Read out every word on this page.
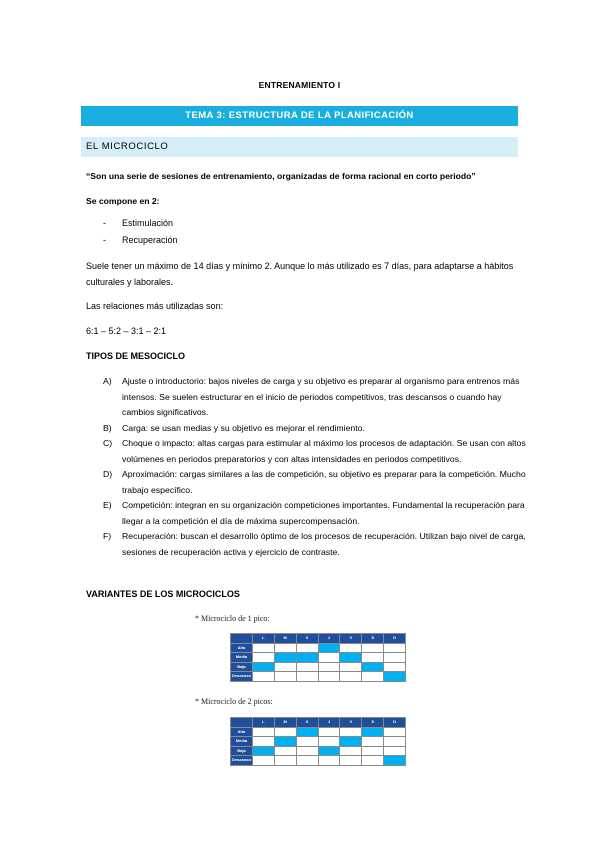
ENTRENAMIENTO I
TEMA 3: ESTRUCTURA DE LA PLANIFICACIÓN
EL MICROCICLO
“Son una serie de sesiones de entrenamiento, organizadas de forma racional en corto periodo”
Se compone en 2:
- Estimulación
- Recuperación
Suele tener un máximo de 14 días y mínimo 2. Aunque lo más utilizado es 7 días, para adaptarse a hábitos culturales y laborales.
Las relaciones más utilizadas son:
6:1 – 5:2 – 3:1 – 2:1
TIPOS DE MESOCICLO
A) Ajuste o introductorio: bajos niveles de carga y su objetivo es preparar al organismo para entrenos más intensos. Se suelen estructurar en el inicio de periodos competitivos, tras descansos o cuando hay cambios significativos.
B) Carga: se usan medias y su objetivo es mejorar el rendimiento.
C) Choque o impacto: altas cargas para estimular al máximo los procesos de adaptación. Se usan con altos volúmenes en periodos preparatorios y con altas intensidades en periodos competitivos.
D) Aproximación: cargas similares a las de competición, su objetivo es preparar para la competición. Mucho trabajo específico.
E) Competición: integran en su organización competiciones importantes. Fundamental la recuperación para llegar a la competición el día de máxima supercompensación.
F) Recuperación: buscan el desarrollo óptimo de los procesos de recuperación. Utilizan bajo nivel de carga, sesiones de recuperación activa y ejercicio de contraste.
VARIANTES DE LOS MICROCICLOS
* Microciclo de 1 pico:
	L	M	X	J	V	S	D
Alta							
Media							
Baja							
Descanso							
* Microciclo de 2 picos:
	L	M	X	J	V	S	D
Alta							
Media							
Baja							
Descanso							
